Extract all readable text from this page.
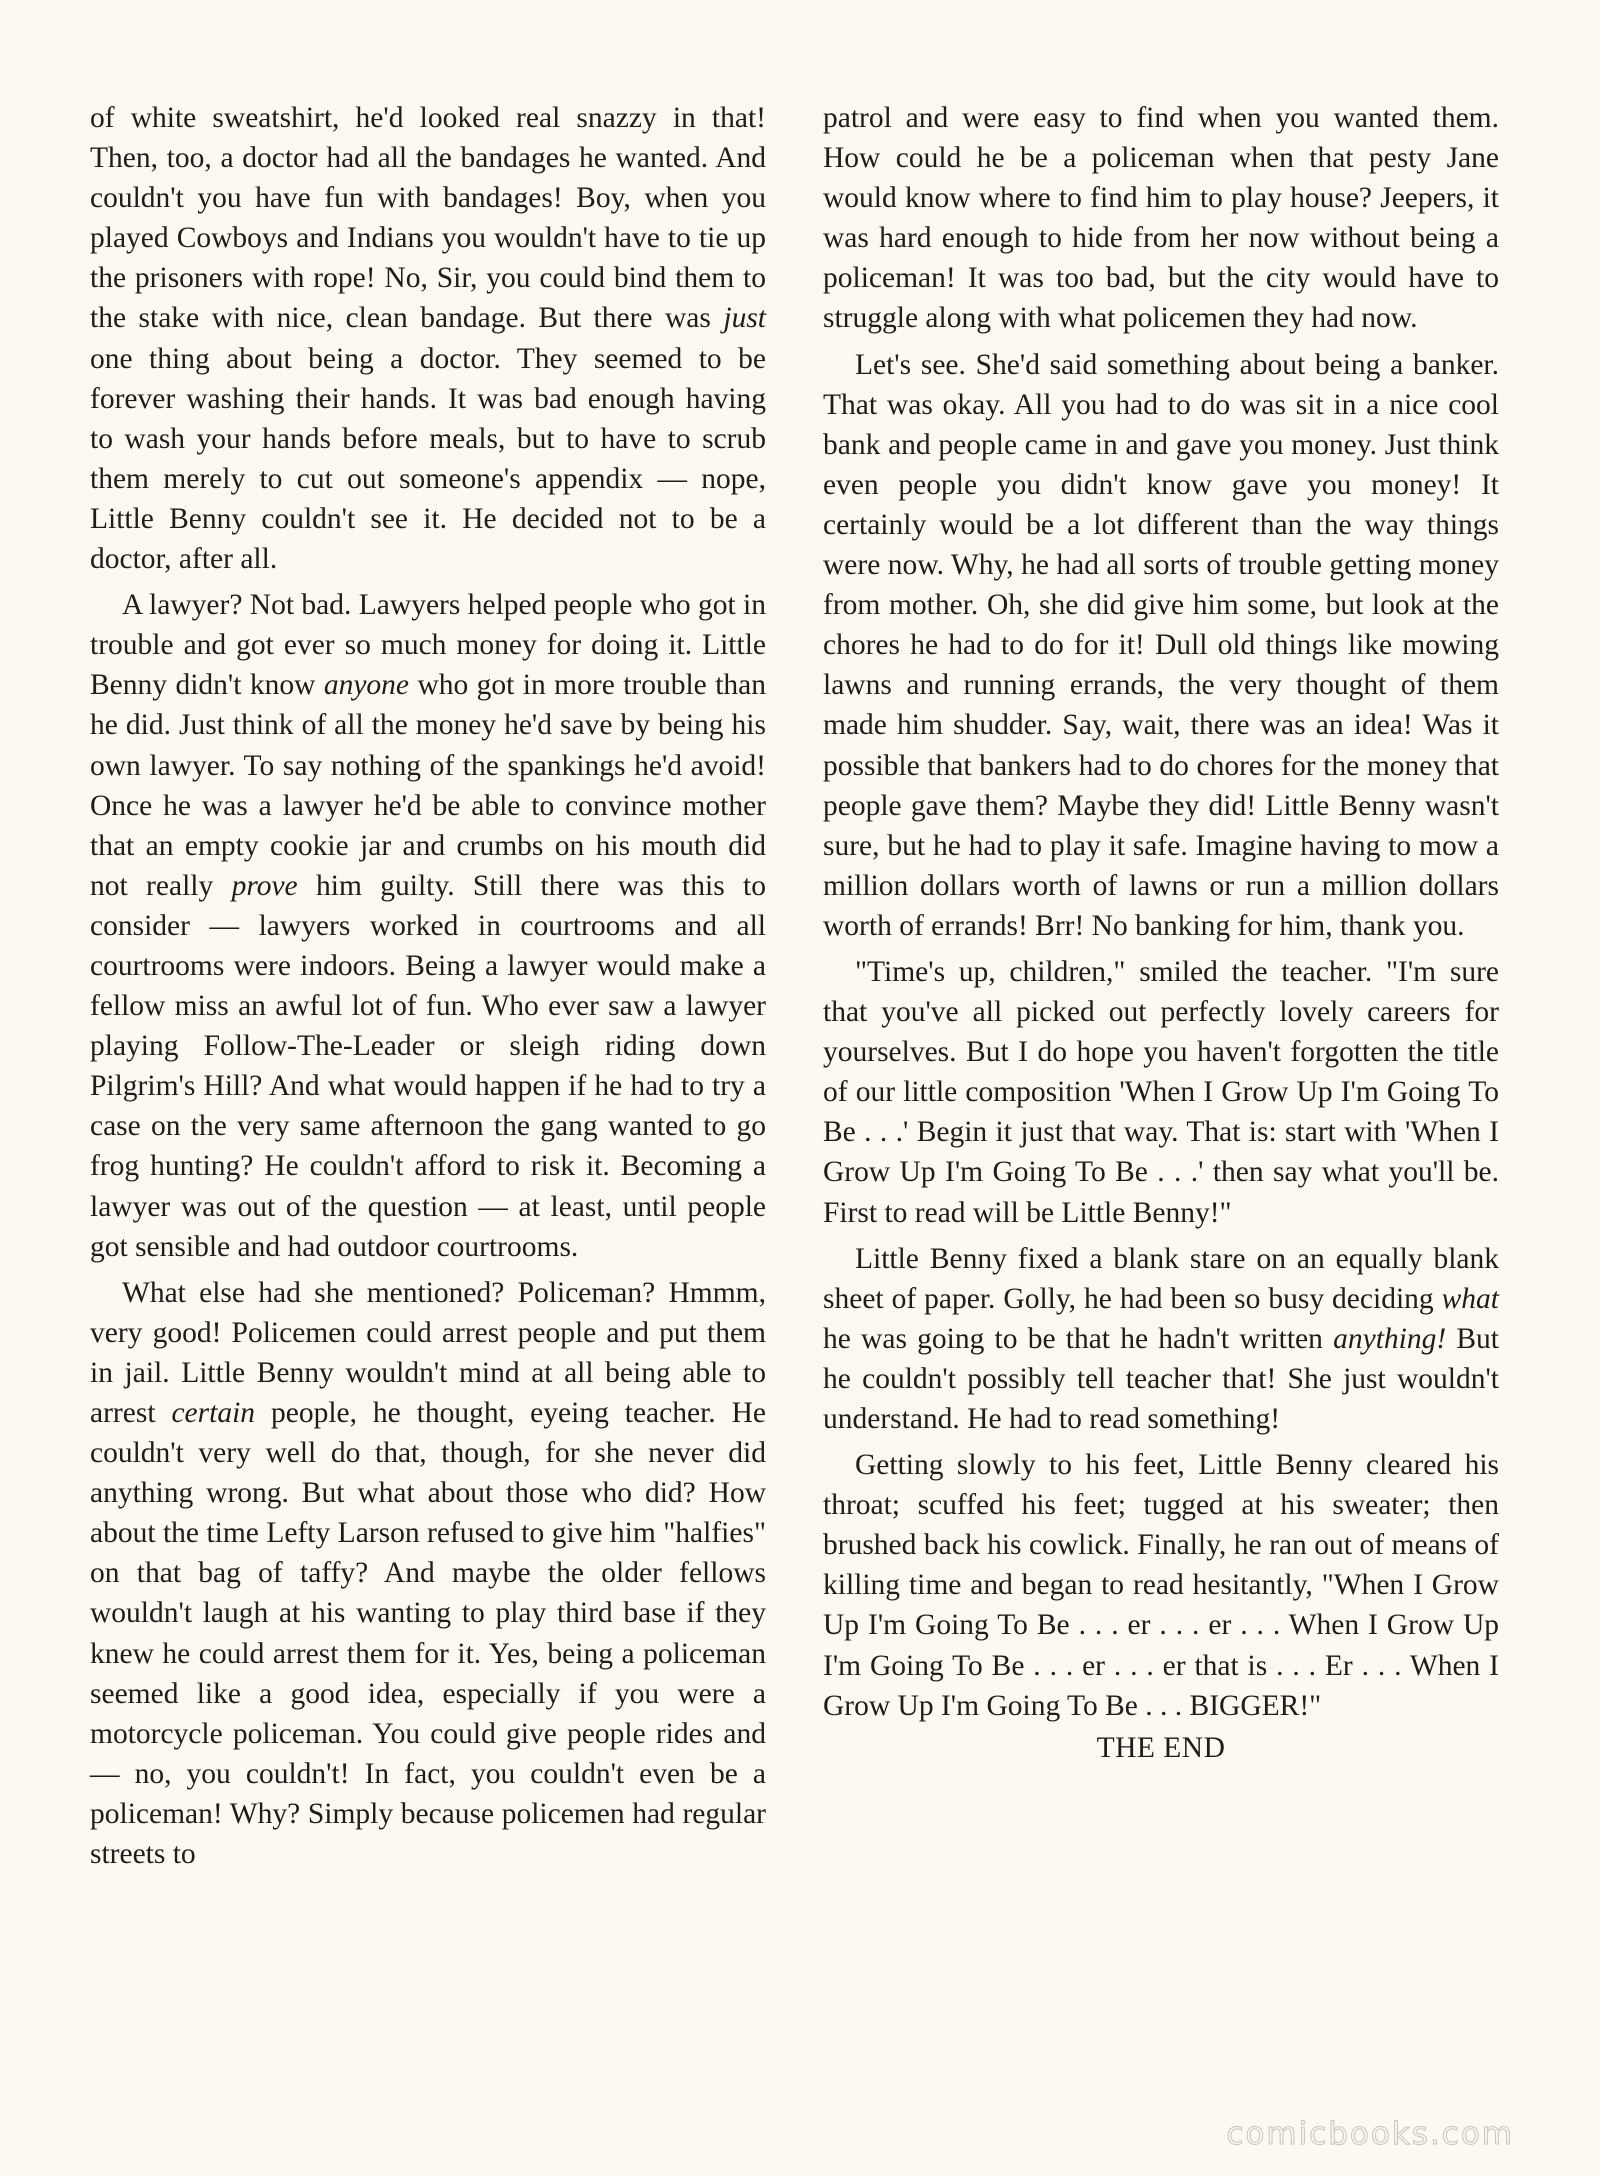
of white sweatshirt, he'd looked real snazzy in that! Then, too, a doctor had all the bandages he wanted. And couldn't you have fun with bandages! Boy, when you played Cowboys and Indians you wouldn't have to tie up the prisoners with rope! No, Sir, you could bind them to the stake with nice, clean bandage. But there was just one thing about being a doctor. They seemed to be forever washing their hands. It was bad enough having to wash your hands before meals, but to have to scrub them merely to cut out someone's appendix — nope, Little Benny couldn't see it. He decided not to be a doctor, after all.

A lawyer? Not bad. Lawyers helped people who got in trouble and got ever so much money for doing it. Little Benny didn't know anyone who got in more trouble than he did. Just think of all the money he'd save by being his own lawyer. To say nothing of the spankings he'd avoid! Once he was a lawyer he'd be able to convince mother that an empty cookie jar and crumbs on his mouth did not really prove him guilty. Still there was this to consider — lawyers worked in courtrooms and all courtrooms were indoors. Being a lawyer would make a fellow miss an awful lot of fun. Who ever saw a lawyer playing Follow-The-Leader or sleigh riding down Pilgrim's Hill? And what would happen if he had to try a case on the very same afternoon the gang wanted to go frog hunting? He couldn't afford to risk it. Becoming a lawyer was out of the question — at least, until people got sensible and had outdoor courtrooms.

What else had she mentioned? Policeman? Hmmm, very good! Policemen could arrest people and put them in jail. Little Benny wouldn't mind at all being able to arrest certain people, he thought, eyeing teacher. He couldn't very well do that, though, for she never did anything wrong. But what about those who did? How about the time Lefty Larson refused to give him "halfies" on that bag of taffy? And maybe the older fellows wouldn't laugh at his wanting to play third base if they knew he could arrest them for it. Yes, being a policeman seemed like a good idea, especially if you were a motorcycle policeman. You could give people rides and — no, you couldn't! In fact, you couldn't even be a policeman! Why? Simply because policemen had regular streets to

patrol and were easy to find when you wanted them. How could he be a policeman when that pesty Jane would know where to find him to play house? Jeepers, it was hard enough to hide from her now without being a policeman! It was too bad, but the city would have to struggle along with what policemen they had now.

Let's see. She'd said something about being a banker. That was okay. All you had to do was sit in a nice cool bank and people came in and gave you money. Just think even people you didn't know gave you money! It certainly would be a lot different than the way things were now. Why, he had all sorts of trouble getting money from mother. Oh, she did give him some, but look at the chores he had to do for it! Dull old things like mowing lawns and running errands, the very thought of them made him shudder. Say, wait, there was an idea! Was it possible that bankers had to do chores for the money that people gave them? Maybe they did! Little Benny wasn't sure, but he had to play it safe. Imagine having to mow a million dollars worth of lawns or run a million dollars worth of errands! Brr! No banking for him, thank you.

"Time's up, children," smiled the teacher. "I'm sure that you've all picked out perfectly lovely careers for yourselves. But I do hope you haven't forgotten the title of our little composition 'When I Grow Up I'm Going To Be . . .' Begin it just that way. That is: start with 'When I Grow Up I'm Going To Be . . .' then say what you'll be. First to read will be Little Benny!"

Little Benny fixed a blank stare on an equally blank sheet of paper. Golly, he had been so busy deciding what he was going to be that he hadn't written anything! But he couldn't possibly tell teacher that! She just wouldn't understand. He had to read something!

Getting slowly to his feet, Little Benny cleared his throat; scuffed his feet; tugged at his sweater; then brushed back his cowlick. Finally, he ran out of means of killing time and began to read hesitantly, "When I Grow Up I'm Going To Be . . . er . . . er . . . When I Grow Up I'm Going To Be . . . er . . . er that is . . . Er . . . When I Grow Up I'm Going To Be . . . BIGGER!"

THE END

comicbooks.com
